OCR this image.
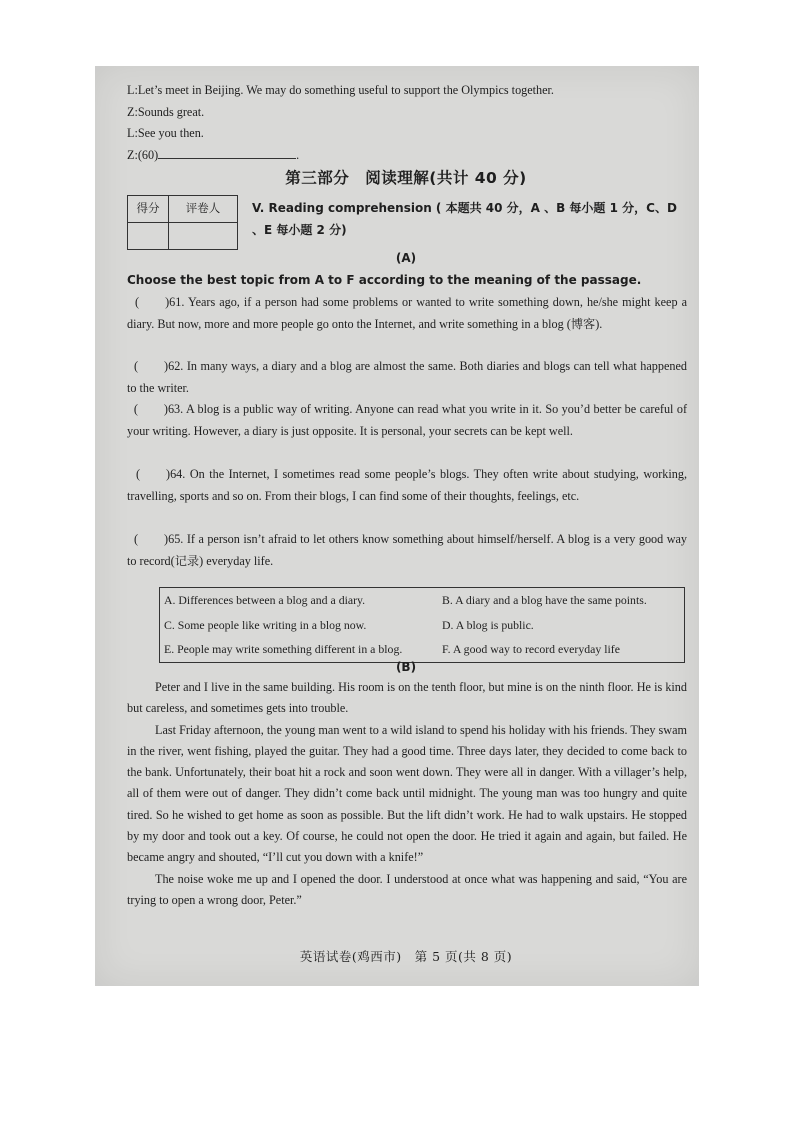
L:Let’s meet in Beijing. We may do something useful to support the Olympics together.

Z:Sounds great.

L:See you then.

Z:(60)	.

第三部分　阅读理解(共计 40 分)
得分	评卷人
		V. Reading comprehension ( 本题共 40 分，A 、B 每小题 1 分，C、D 、E 每小题 2 分)
(A)
Choose the best topic from A to F according to the meaning of the passage.

( )61. Years ago, if a person had some problems or wanted to write something down, he/she might keep a diary. But now, more and more people go onto the Internet, and write something in a blog (博客).

( )62. In many ways, a diary and a blog are almost the same. Both diaries and blogs can tell what happened to the writer.

( )63. A blog is a public way of writing. Anyone can read what you write in it. So you’d better be careful of your writing. However, a diary is just opposite. It is personal, your secrets can be kept well.

( )64. On the Internet, I sometimes read some people’s blogs. They often write about studying, working, travelling, sports and so on. From their blogs, I can find some of their thoughts, feelings, etc.

( )65. If a person isn’t afraid to let others know something about himself/herself. A blog is a very good way to record(记录) everyday life.

A. Differences between a blog and a diary.	B. A diary and a blog have the same points.
C. Some people like writing in a blog now.	D. A blog is public.
E. People may write something different in a blog.	F. A good way to record everyday life
(B)

Peter and I live in the same building. His room is on the tenth floor, but mine is on the ninth floor. He is kind but careless, and sometimes gets into trouble.

Last Friday afternoon, the young man went to a wild island to spend his holiday with his friends. They swam in the river, went fishing, played the guitar. They had a good time. Three days later, they decided to come back to the bank. Unfortunately, their boat hit a rock and soon went down. They were all in danger. With a villager’s help, all of them were out of danger. They didn’t come back until midnight. The young man was too hungry and quite tired. So he wished to get home as soon as possible. But the lift didn’t work. He had to walk upstairs. He stopped by my door and took out a key. Of course, he could not open the door. He tried it again and again, but failed. He became angry and shouted, “I’ll cut you down with a knife!”

The noise woke me up and I opened the door. I understood at once what was happening and said, “You are trying to open a wrong door, Peter.”

英语试卷(鸡西市)　第 5 页(共 8 页)
